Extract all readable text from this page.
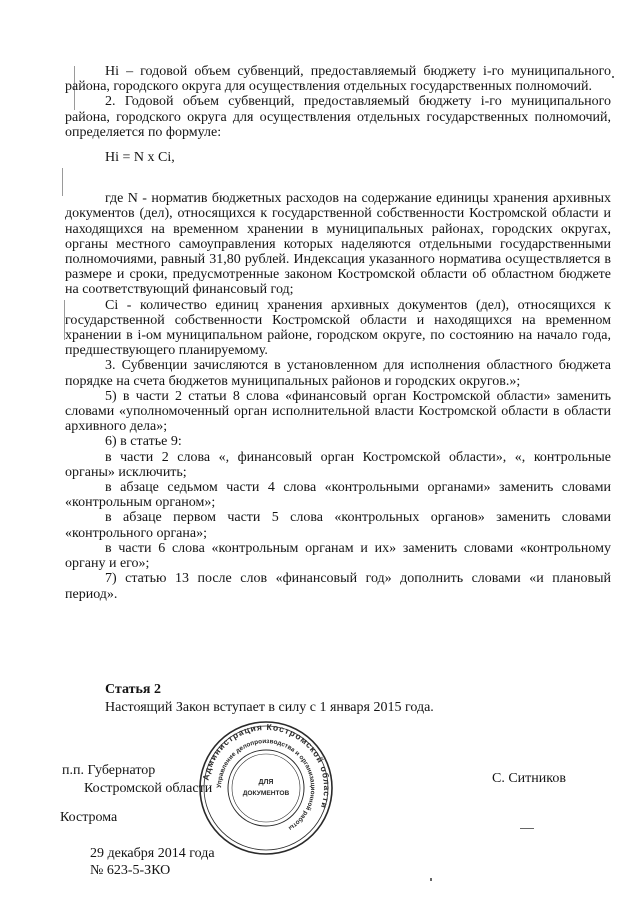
Нi – годовой объем субвенций, предоставляемый бюджету i-го муниципального района, городского округа для осуществления отдельных государственных полномочий.

2. Годовой объем субвенций, предоставляемый бюджету i-го муниципального района, городского округа для осуществления отдельных государственных полномочий, определяется по формуле:

Нi = N x Ci,

где N - норматив бюджетных расходов на содержание единицы хранения архивных документов (дел), относящихся к государственной собственности Костромской области и находящихся на временном хранении в муниципальных районах, городских округах, органы местного самоуправления которых наделяются отдельными государственными полномочиями, равный 31,80 рублей. Индексация указанного норматива осуществляется в размере и сроки, предусмотренные законом Костромской области об областном бюджете на соответствующий финансовый год;

Ci - количество единиц хранения архивных документов (дел), относящихся к государственной собственности Костромской области и находящихся на временном хранении в i-ом муниципальном районе, городском округе, по состоянию на начало года, предшествующего планируемому.

3. Субвенции зачисляются в установленном для исполнения областного бюджета порядке на счета бюджетов муниципальных районов и городских округов.»;

5) в части 2 статьи 8 слова «финансовый орган Костромской области» заменить словами «уполномоченный орган исполнительной власти Костромской области в области архивного дела»;

6) в статье 9:

в части 2 слова «, финансовый орган Костромской области», «, контрольные органы» исключить;

в абзаце седьмом части 4 слова «контрольными органами» заменить словами «контрольным органом»;

в абзаце первом части 5 слова «контрольных органов» заменить словами «контрольного органа»;

в части 6 слова «контрольным органам и их» заменить словами «контрольному органу и его»;

7) статью 13 после слов «финансовый год» дополнить словами «и плановый период».

Статья 2
Настоящий Закон вступает в силу с 1 января 2015 года.
Администрация Костромской области
Управление делопроизводства и организационной работы
ДЛЯ
ДОКУМЕНТОВ
п.п. Губернатор
Костромской области
С. Ситников
Кострома
29 декабря 2014 года
№ 623-5-ЗКО
